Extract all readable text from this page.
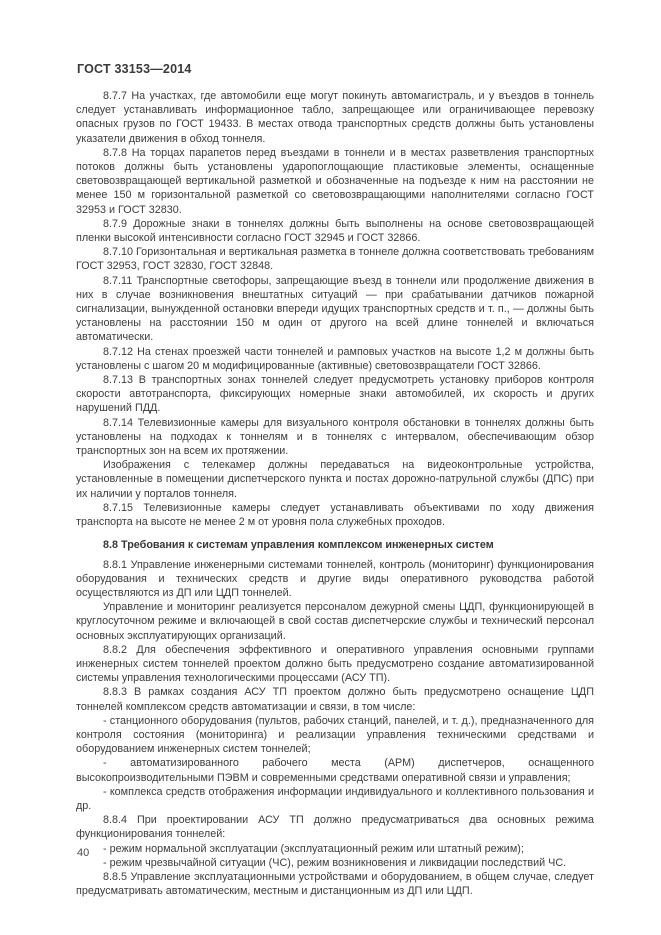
ГОСТ 33153—2014

8.7.7 На участках, где автомобили еще могут покинуть автомагистраль, и у въездов в тоннель следует устанавливать информационное табло, запрещающее или ограничивающее перевозку опасных грузов по ГОСТ 19433. В местах отвода транспортных средств должны быть установлены указатели движения в обход тоннеля.

8.7.8 На торцах парапетов перед въездами в тоннели и в местах разветвления транспортных потоков должны быть установлены ударопоглощающие пластиковые элементы, оснащенные световозвращающей вертикальной разметкой и обозначенные на подъезде к ним на расстоянии не менее 150 м горизонтальной разметкой со световозвращающими наполнителями согласно ГОСТ 32953 и ГОСТ 32830.

8.7.9 Дорожные знаки в тоннелях должны быть выполнены на основе световозвращающей пленки высокой интенсивности согласно ГОСТ 32945 и ГОСТ 32866.

8.7.10 Горизонтальная и вертикальная разметка в тоннеле должна соответствовать требованиям ГОСТ 32953, ГОСТ 32830, ГОСТ 32848.

8.7.11 Транспортные светофоры, запрещающие въезд в тоннели или продолжение движения в них в случае возникновения внештатных ситуаций — при срабатывании датчиков пожарной сигнализации, вынужденной остановки впереди идущих транспортных средств и т. п., — должны быть установлены на расстоянии 150 м один от другого на всей длине тоннелей и включаться автоматически.

8.7.12 На стенах проезжей части тоннелей и рамповых участков на высоте 1,2 м должны быть установлены с шагом 20 м модифицированные (активные) световозвращатели ГОСТ 32866.

8.7.13 В транспортных зонах тоннелей следует предусмотреть установку приборов контроля скорости автотранспорта, фиксирующих номерные знаки автомобилей, их скорость и других нарушений ПДД.

8.7.14 Телевизионные камеры для визуального контроля обстановки в тоннелях должны быть установлены на подходах к тоннелям и в тоннелях с интервалом, обеспечивающим обзор транспортных зон на всем их протяжении.

Изображения с телекамер должны передаваться на видеоконтрольные устройства, установленные в помещении диспетчерского пункта и постах дорожно-патрульной службы (ДПС) при их наличии у порталов тоннеля.

8.7.15 Телевизионные камеры следует устанавливать объективами по ходу движения транспорта на высоте не менее 2 м от уровня пола служебных проходов.

8.8 Требования к системам управления комплексом инженерных систем

8.8.1 Управление инженерными системами тоннелей, контроль (мониторинг) функционирования оборудования и технических средств и другие виды оперативного руководства работой осуществляются из ДП или ЦДП тоннелей.

Управление и мониторинг реализуется персоналом дежурной смены ЦДП, функционирующей в круглосуточном режиме и включающей в свой состав диспетчерские службы и технический персонал основных эксплуатирующих организаций.

8.8.2 Для обеспечения эффективного и оперативного управления основными группами инженерных систем тоннелей проектом должно быть предусмотрено создание автоматизированной системы управления технологическими процессами (АСУ ТП).

8.8.3 В рамках создания АСУ ТП проектом должно быть предусмотрено оснащение ЦДП тоннелей комплексом средств автоматизации и связи, в том числе:

- станционного оборудования (пультов, рабочих станций, панелей, и т. д.), предназначенного для контроля состояния (мониторинга) и реализации управления техническими средствами и оборудованием инженерных систем тоннелей;

- автоматизированного рабочего места (АРМ) диспетчеров, оснащенного высокопроизводительными ПЭВМ и современными средствами оперативной связи и управления;

- комплекса средств отображения информации индивидуального и коллективного пользования и др.

8.8.4 При проектировании АСУ ТП должно предусматриваться два основных режима функционирования тоннелей:

- режим нормальной эксплуатации (эксплуатационный режим или штатный режим);

- режим чрезвычайной ситуации (ЧС), режим возникновения и ликвидации последствий ЧС.

8.8.5 Управление эксплуатационными устройствами и оборудованием, в общем случае, следует предусматривать автоматическим, местным и дистанционным из ДП или ЦДП.

40
